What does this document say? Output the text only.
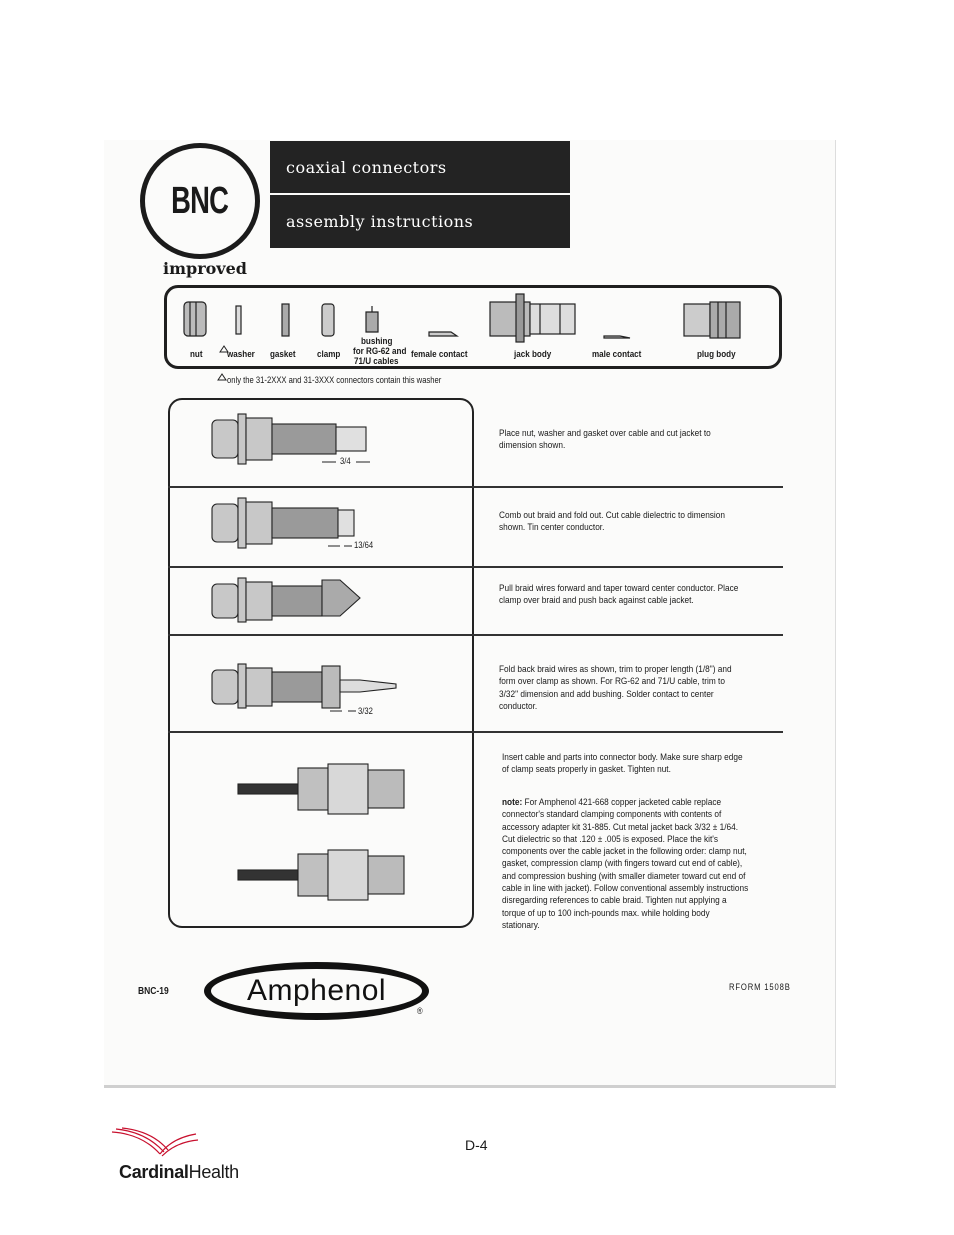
BNC
coaxial connectors
assembly instructions
improved
nut	washer gasket clamp
bushing
for RG-62 and
71/U cables
female contact	jack body	male contact	plug body
only the 31-2XXX and 31-3XXX connectors contain this washer
3/4
13/64
3/32
Place nut, washer and gasket over cable and cut jacket to dimension shown.
Comb out braid and fold out. Cut cable dielectric to dimension shown. Tin center conductor.
Pull braid wires forward and taper toward center conductor. Place clamp over braid and push back against cable jacket.
Fold back braid wires as shown, trim to proper length (1/8") and form over clamp as shown. For RG-62 and 71/U cable, trim to 3/32" dimension and add bushing. Solder contact to center conductor.
Insert cable and parts into connector body. Make sure sharp edge of clamp seats properly in gasket. Tighten nut.
note: For Amphenol 421-668 copper jacketed cable replace connector's standard clamping components with contents of accessory adapter kit 31-885. Cut metal jacket back 3/32 ± 1/64. Cut dielectric so that .120 ± .005 is exposed. Place the kit's components over the cable jacket in the following order: clamp nut, gasket, compression clamp (with fingers toward cut end of cable), and compression bushing (with smaller diameter toward cut end of cable in line with jacket). Follow conventional assembly instructions disregarding references to cable braid. Tighten nut applying a torque of up to 100 inch-pounds max. while holding body stationary.
BNC-19	Amphenol
®
RFORM 1508B
D-4
CardinalHealth
